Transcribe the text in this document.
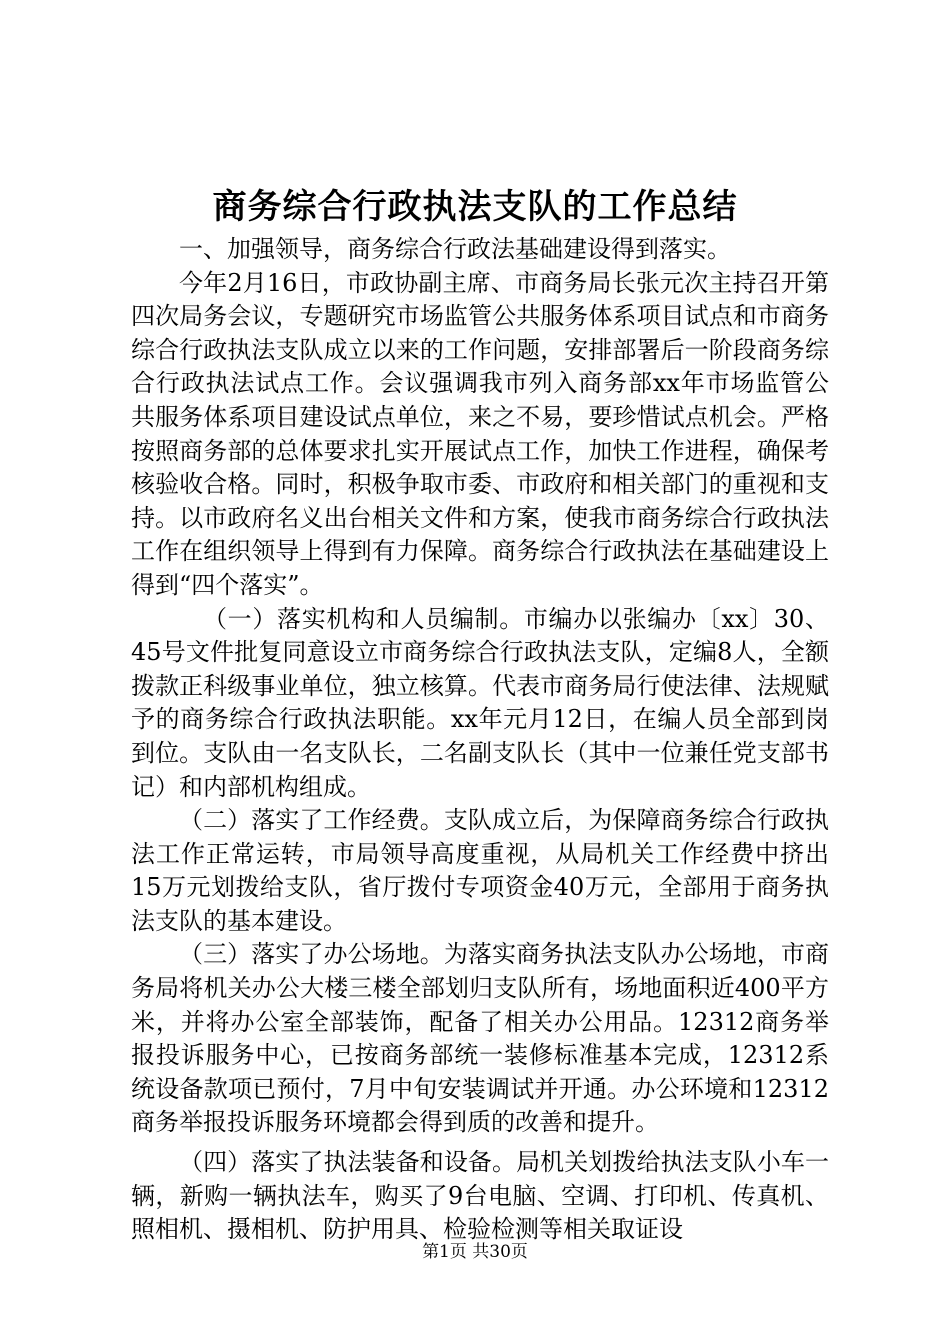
商务综合行政执法支队的工作总结

一、加强领导，商务综合行政法基础建设得到落实。

今年2月16日，市政协副主席、市商务局长张元次主持召开第四次局务会议，专题研究市场监管公共服务体系项目试点和市商务综合行政执法支队成立以来的工作问题，安排部署后一阶段商务综合行政执法试点工作。会议强调我市列入商务部xx年市场监管公共服务体系项目建设试点单位，来之不易，要珍惜试点机会。严格按照商务部的总体要求扎实开展试点工作，加快工作进程，确保考核验收合格。同时，积极争取市委、市政府和相关部门的重视和支持。以市政府名义出台相关文件和方案，使我市商务综合行政执法工作在组织领导上得到有力保障。商务综合行政执法在基础建设上得到“四个落实”。

（一）落实机构和人员编制。市编办以张编办〔xx〕30、45号文件批复同意设立市商务综合行政执法支队，定编8人，全额拨款正科级事业单位，独立核算。代表市商务局行使法律、法规赋予的商务综合行政执法职能。xx年元月12日，在编人员全部到岗到位。支队由一名支队长，二名副支队长（其中一位兼任党支部书记）和内部机构组成。

（二）落实了工作经费。支队成立后，为保障商务综合行政执法工作正常运转，市局领导高度重视，从局机关工作经费中挤出15万元划拨给支队，省厅拨付专项资金40万元，全部用于商务执法支队的基本建设。

（三）落实了办公场地。为落实商务执法支队办公场地，市商务局将机关办公大楼三楼全部划归支队所有，场地面积近400平方米，并将办公室全部装饰，配备了相关办公用品。12312商务举报投诉服务中心，已按商务部统一装修标准基本完成，12312系统设备款项已预付，7月中旬安装调试并开通。办公环境和12312商务举报投诉服务环境都会得到质的改善和提升。

（四）落实了执法装备和设备。局机关划拨给执法支队小车一辆，新购一辆执法车，购买了9台电脑、空调、打印机、传真机、照相机、摄相机、防护用具、检验检测等相关取证设

第1页 共30页
